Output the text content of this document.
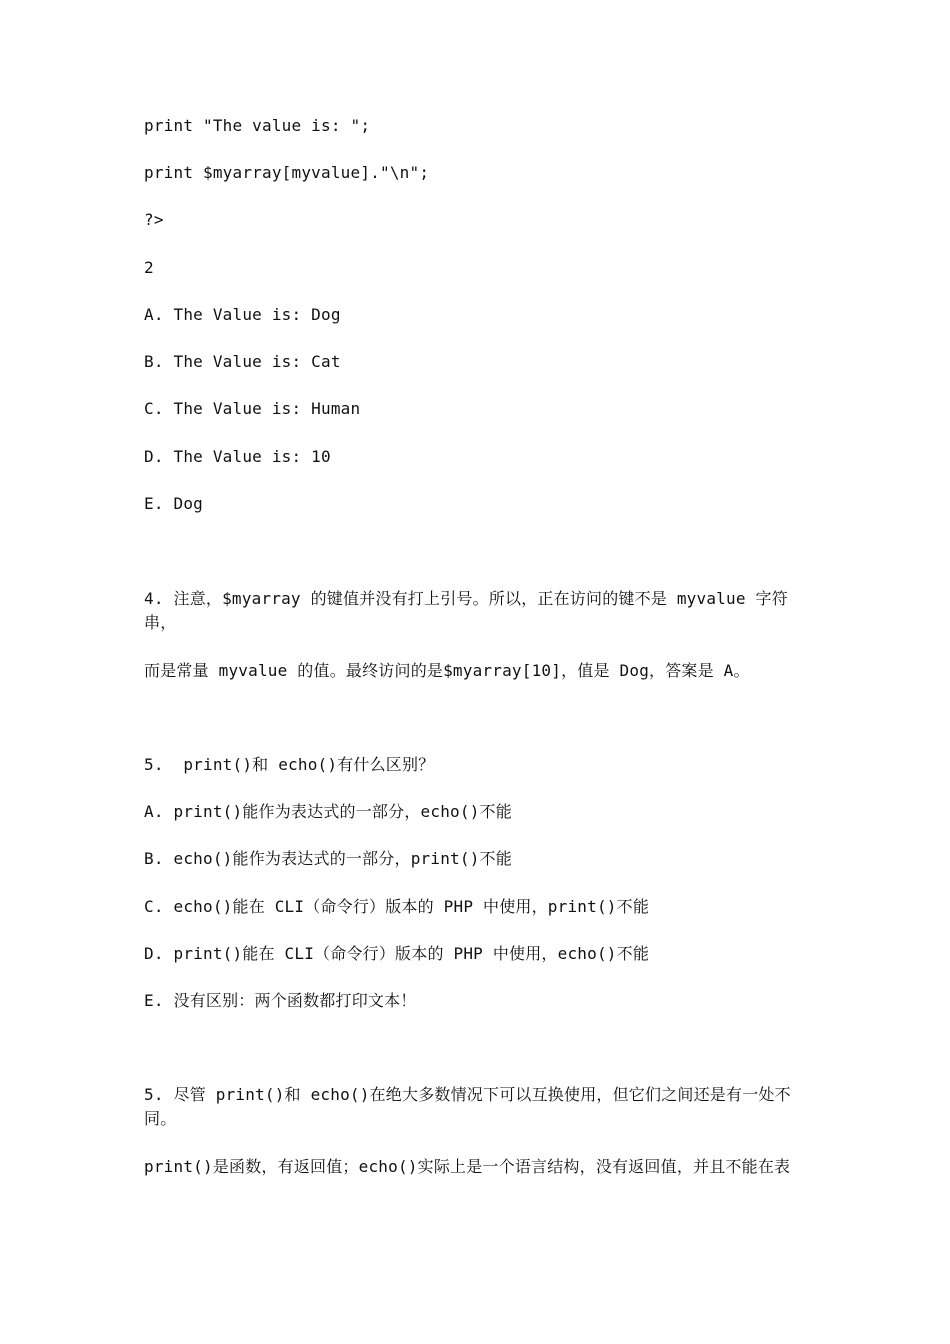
print "The value is: ";
print $myarray[myvalue]."\n";
?>
2
A. The Value is: Dog
B. The Value is: Cat
C. The Value is: Human
D. The Value is: 10
E. Dog
4. 注意，$myarray 的键值并没有打上引号。所以，正在访问的键不是 myvalue 字符串，
而是常量 myvalue 的值。最终访问的是$myarray[10]，值是 Dog，答案是 A。
5.  print()和 echo()有什么区别？
A. print()能作为表达式的一部分，echo()不能
B. echo()能作为表达式的一部分，print()不能
C. echo()能在 CLI（命令行）版本的 PHP 中使用，print()不能
D. print()能在 CLI（命令行）版本的 PHP 中使用，echo()不能
E. 没有区别：两个函数都打印文本！
5. 尽管 print()和 echo()在绝大多数情况下可以互换使用，但它们之间还是有一处不同。
print()是函数，有返回值；echo()实际上是一个语言结构，没有返回值，并且不能在表
